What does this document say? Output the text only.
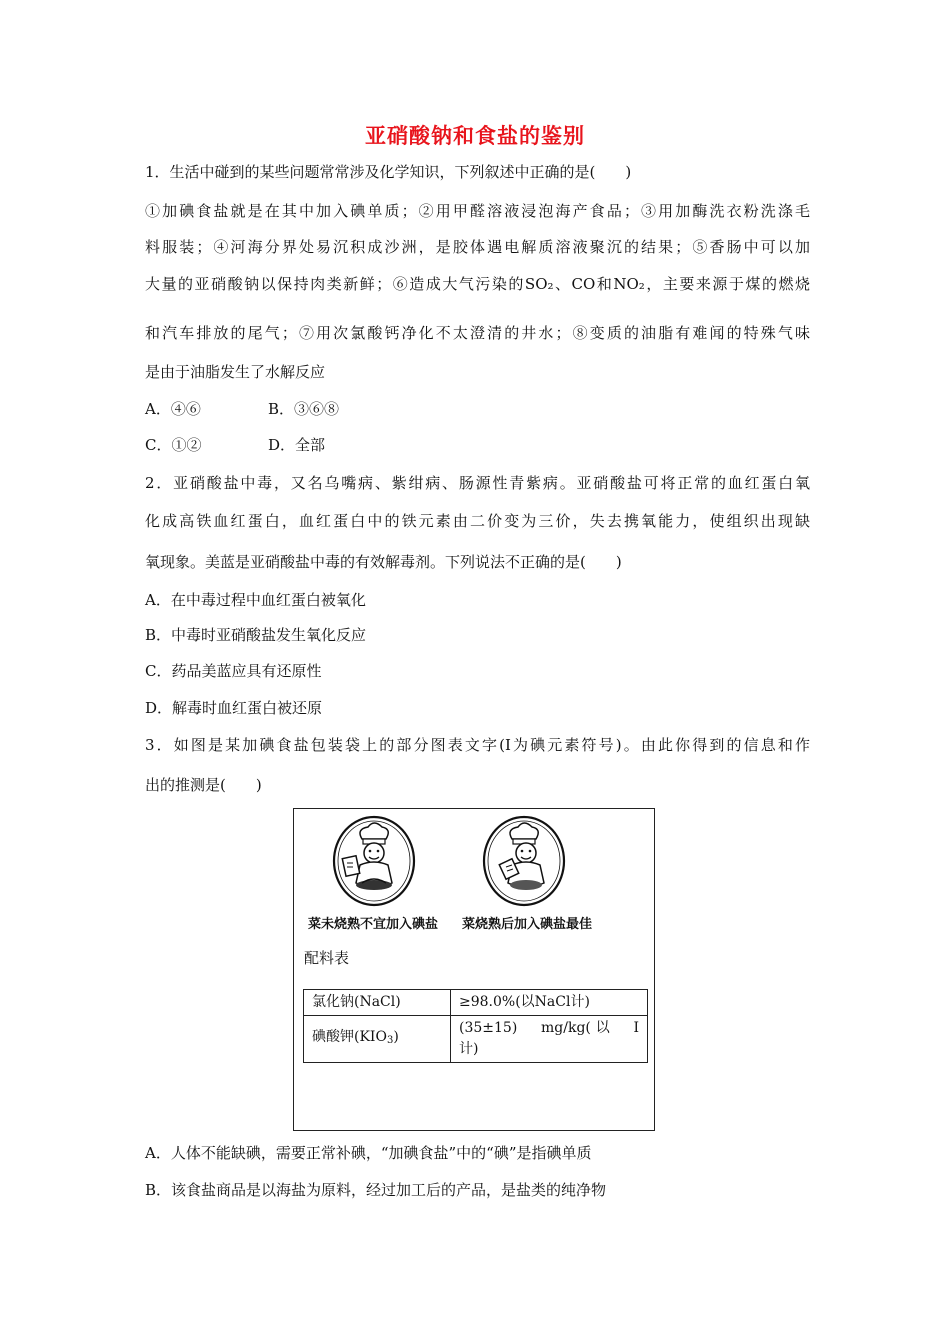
亚硝酸钠和食盐的鉴别
1．生活中碰到的某些问题常常涉及化学知识，下列叙述中正确的是(　　)
①加碘食盐就是在其中加入碘单质；②用甲醛溶液浸泡海产食品；③用加酶洗衣粉洗涤毛
料服装；④河海分界处易沉积成沙洲，是胶体遇电解质溶液聚沉的结果；⑤香肠中可以加
大量的亚硝酸钠以保持肉类新鲜；⑥造成大气污染的SO₂、CO和NO₂，主要来源于煤的燃烧
和汽车排放的尾气；⑦用次氯酸钙净化不太澄清的井水；⑧变质的油脂有难闻的特殊气味
是由于油脂发生了水解反应
A．④⑥	B．③⑥⑧
C．①②	D．全部
2．亚硝酸盐中毒，又名乌嘴病、紫绀病、肠源性青紫病。亚硝酸盐可将正常的血红蛋白氧
化成高铁血红蛋白，血红蛋白中的铁元素由二价变为三价，失去携氧能力，使组织出现缺
氧现象。美蓝是亚硝酸盐中毒的有效解毒剂。下列说法不正确的是(　　)
A．在中毒过程中血红蛋白被氧化
B．中毒时亚硝酸盐发生氧化反应
C．药品美蓝应具有还原性
D．解毒时血红蛋白被还原
3．如图是某加碘食盐包装袋上的部分图表文字(I为碘元素符号)。由此你得到的信息和作
出的推测是(　　)
菜未烧熟不宜加入碘盐 菜烧熟后加入碘盐最佳
配料表
氯化钠(NaCl)	≥98.0%(以NaCl计)
碘酸钾$(KIO_3)$	(35±15)　mg/kg(以　I
计)
A．人体不能缺碘，需要正常补碘，“加碘食盐”中的“碘”是指碘单质
B．该食盐商品是以海盐为原料，经过加工后的产品，是盐类的纯净物
